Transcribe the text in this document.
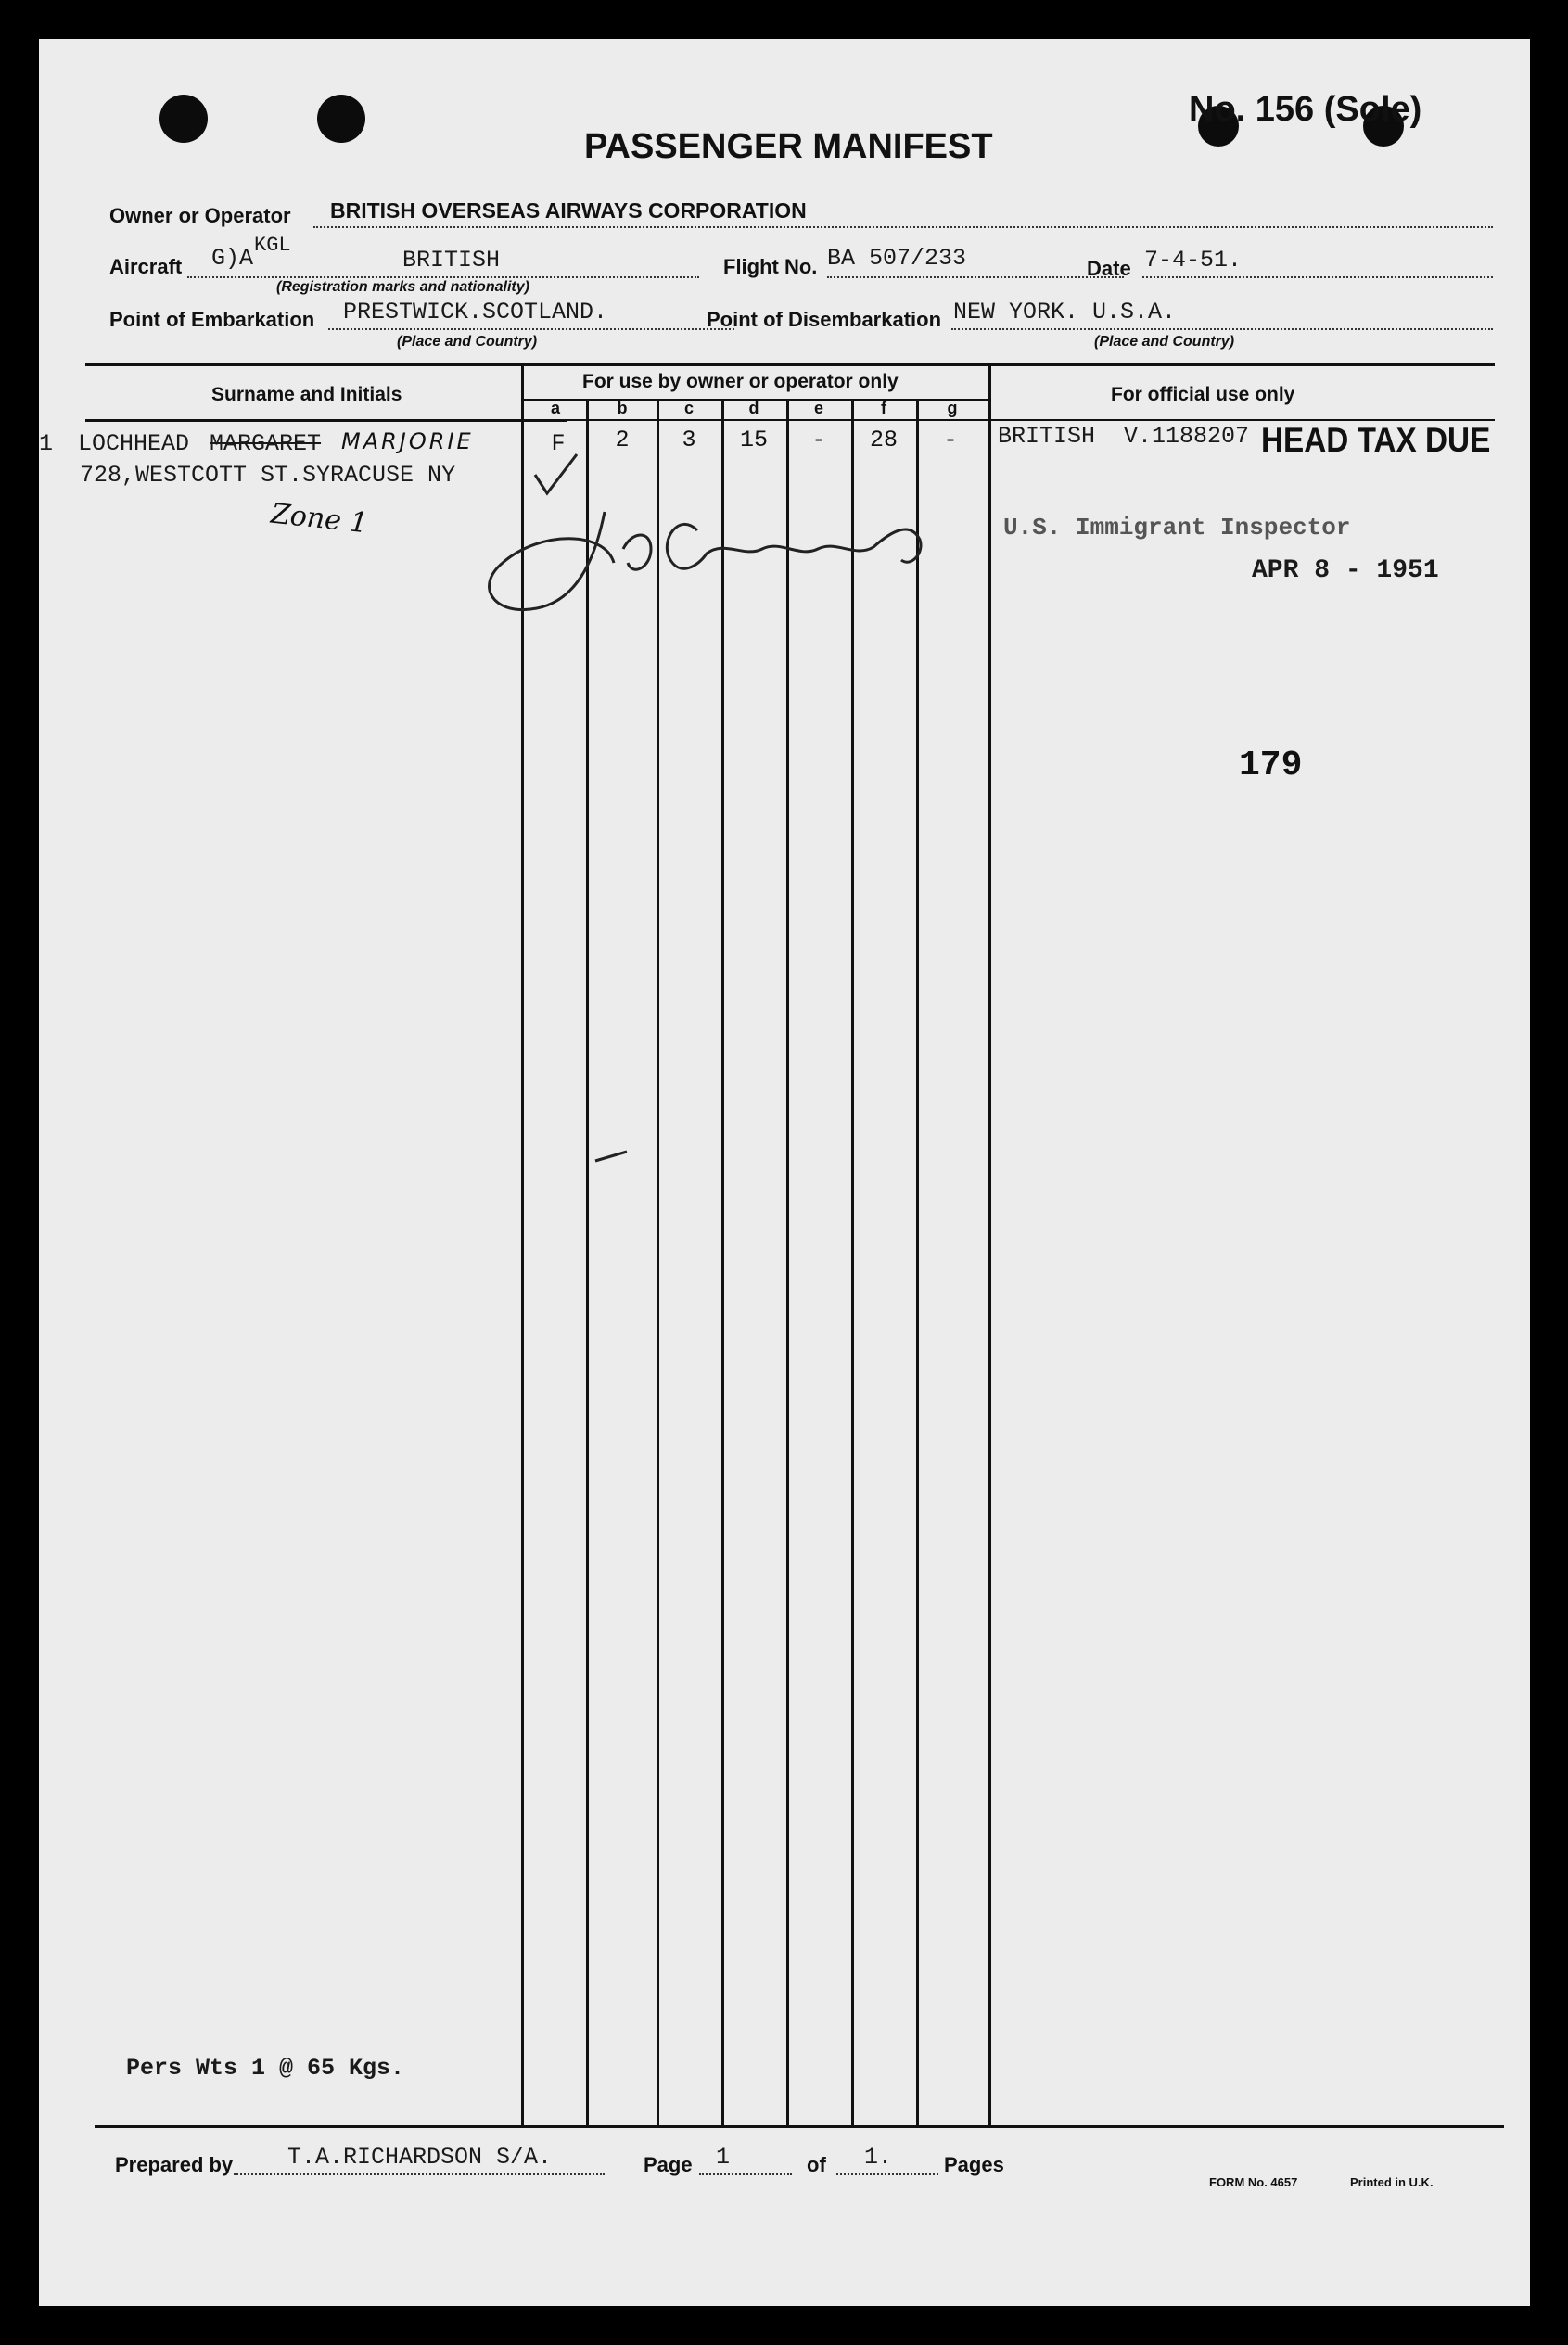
No. 156 (Sole)
PASSENGER MANIFEST
Owner or Operator BRITISH OVERSEAS AIRWAYS CORPORATION
Aircraft G)A KGL
BRITISH
(Registration marks and nationality)
Flight No. BA 507/233	Date 7-4-51.
Point of Embarkation PRESTWICK.SCOTLAND.
(Place and Country)
Point of Disembarkation NEW YORK. U.S.A.
(Place and Country)
Surname and Initials
For use by owner or operator only
For official use only
a	b	c	d	e	f	g
1 LOCHHEAD MARGARET MARJORIE
728,WESTCOTT ST.SYRACUSE NY
Zone 1
F	2	3	15	-	28	-	BRITISH V.1188207 HEAD TAX DUE
U.S. Immigrant Inspector
APR 8 - 1951
179
Pers Wts 1 @ 65 Kgs.
Prepared by T.A.RICHARDSON S/A.	Page 1	of 1.	Pages
FORM No. 4657	Printed in U.K.
